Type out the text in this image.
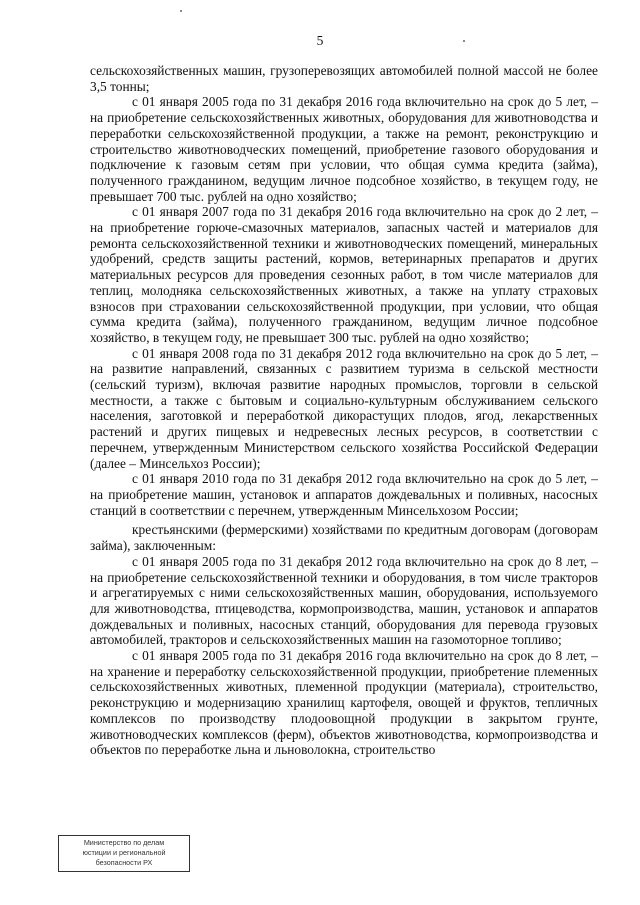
5

сельскохозяйственных машин, грузоперевозящих автомобилей полной массой не более 3,5 тонны;

с 01 января 2005 года по 31 декабря 2016 года включительно на срок до 5 лет, – на приобретение сельскохозяйственных животных, оборудования для животноводства и переработки сельскохозяйственной продукции, а также на ремонт, реконструкцию и строительство животноводческих помещений, приобретение газового оборудования и подключение к газовым сетям при условии, что общая сумма кредита (займа), полученного гражданином, ведущим личное подсобное хозяйство, в текущем году, не превышает 700 тыс. рублей на одно хозяйство;

с 01 января 2007 года по 31 декабря 2016 года включительно на срок до 2 лет, – на приобретение горюче-смазочных материалов, запасных частей и материалов для ремонта сельскохозяйственной техники и животноводческих помещений, минеральных удобрений, средств защиты растений, кормов, ветеринарных препаратов и других материальных ресурсов для проведения сезонных работ, в том числе материалов для теплиц, молодняка сельскохозяйственных животных, а также на уплату страховых взносов при страховании сельскохозяйственной продукции, при условии, что общая сумма кредита (займа), полученного гражданином, ведущим личное подсобное хозяйство, в текущем году, не превышает 300 тыс. рублей на одно хозяйство;

с 01 января 2008 года по 31 декабря 2012 года включительно на срок до 5 лет, – на развитие направлений, связанных с развитием туризма в сельской местности (сельский туризм), включая развитие народных промыслов, торговли в сельской местности, а также с бытовым и социально-культурным обслуживанием сельского населения, заготовкой и переработкой дикорастущих плодов, ягод, лекарственных растений и других пищевых и недревесных лесных ресурсов, в соответствии с перечнем, утвержденным Министерством сельского хозяйства Российской Федерации (далее – Минсельхоз России);

с 01 января 2010 года по 31 декабря 2012 года включительно на срок до 5 лет, – на приобретение машин, установок и аппаратов дождевальных и поливных, насосных станций в соответствии с перечнем, утвержденным Минсельхозом России;

крестьянскими (фермерскими) хозяйствами по кредитным договорам (договорам займа), заключенным:

с 01 января 2005 года по 31 декабря 2012 года включительно на срок до 8 лет, – на приобретение сельскохозяйственной техники и оборудования, в том числе тракторов и агрегатируемых с ними сельскохозяйственных машин, оборудования, используемого для животноводства, птицеводства, кормопроизводства, машин, установок и аппаратов дождевальных и поливных, насосных станций, оборудования для перевода грузовых автомобилей, тракторов и сельскохозяйственных машин на газомоторное топливо;

с 01 января 2005 года по 31 декабря 2016 года включительно на срок до 8 лет, – на хранение и переработку сельскохозяйственной продукции, приобретение племенных сельскохозяйственных животных, племенной продукции (материала), строительство, реконструкцию и модернизацию хранилищ картофеля, овощей и фруктов, тепличных комплексов по производству плодоовощной продукции в закрытом грунте, животноводческих комплексов (ферм), объектов животноводства, кормопроизводства и объектов по переработке льна и льноволокна, строительство

Министерство по делам
юстиции и региональной
безопасности РХ
